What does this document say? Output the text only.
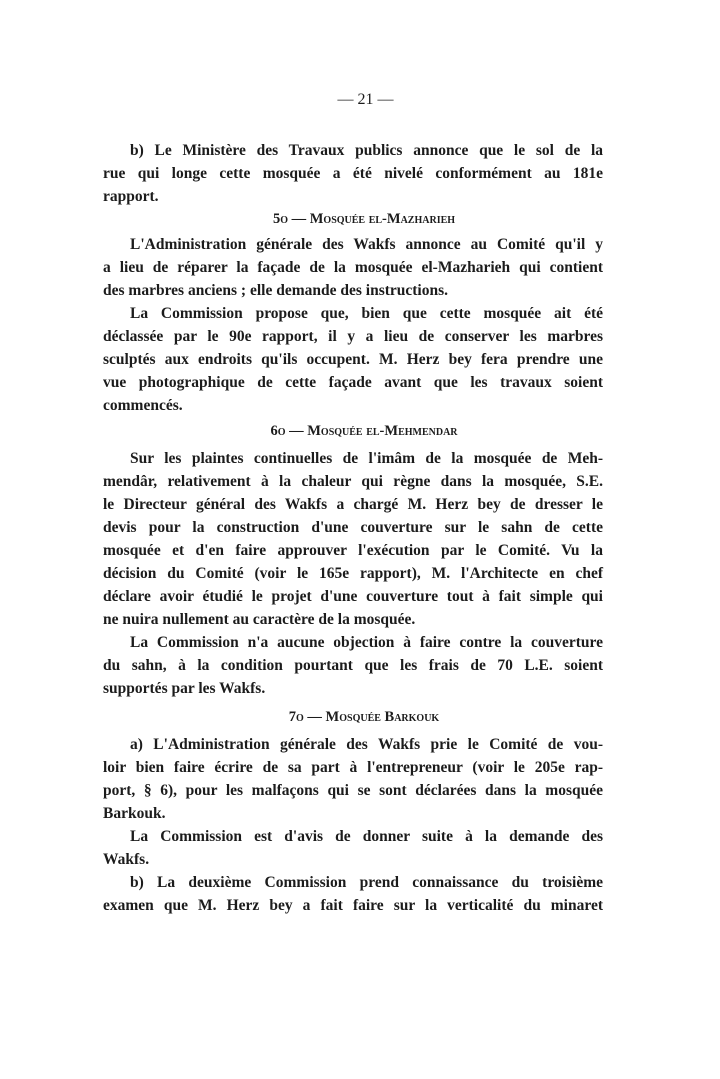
— 21 —
b) Le Ministère des Travaux publics annonce que le sol de la
rue qui longe cette mosquée a été nivelé conformément au 181e
rapport.
5o — Mosquée el-Mazharieh
L'Administration générale des Wakfs annonce au Comité qu'il y
a lieu de réparer la façade de la mosquée el-Mazharieh qui contient
des marbres anciens ; elle demande des instructions.
La Commission propose que, bien que cette mosquée ait été
déclassée par le 90e rapport, il y a lieu de conserver les marbres
sculptés aux endroits qu'ils occupent. M. Herz bey fera prendre une
vue photographique de cette façade avant que les travaux soient
commencés.
6o — Mosquée el-Mehmendar
Sur les plaintes continuelles de l'imâm de la mosquée de Meh-
mendâr, relativement à la chaleur qui règne dans la mosquée, S.E.
le Directeur général des Wakfs a chargé M. Herz bey de dresser le
devis pour la construction d'une couverture sur le sahn de cette
mosquée et d'en faire approuver l'exécution par le Comité. Vu la
décision du Comité (voir le 165e rapport), M. l'Architecte en chef
déclare avoir étudié le projet d'une couverture tout à fait simple qui
ne nuira nullement au caractère de la mosquée.
La Commission n'a aucune objection à faire contre la couverture
du sahn, à la condition pourtant que les frais de 70 L.E. soient
supportés par les Wakfs.
7o — Mosquée Barkouk
a) L'Administration générale des Wakfs prie le Comité de vou-
loir bien faire écrire de sa part à l'entrepreneur (voir le 205e rap-
port, § 6), pour les malfaçons qui se sont déclarées dans la mosquée
Barkouk.
La Commission est d'avis de donner suite à la demande des
Wakfs.
b) La deuxième Commission prend connaissance du troisième
examen que M. Herz bey a fait faire sur la verticalité du minaret
